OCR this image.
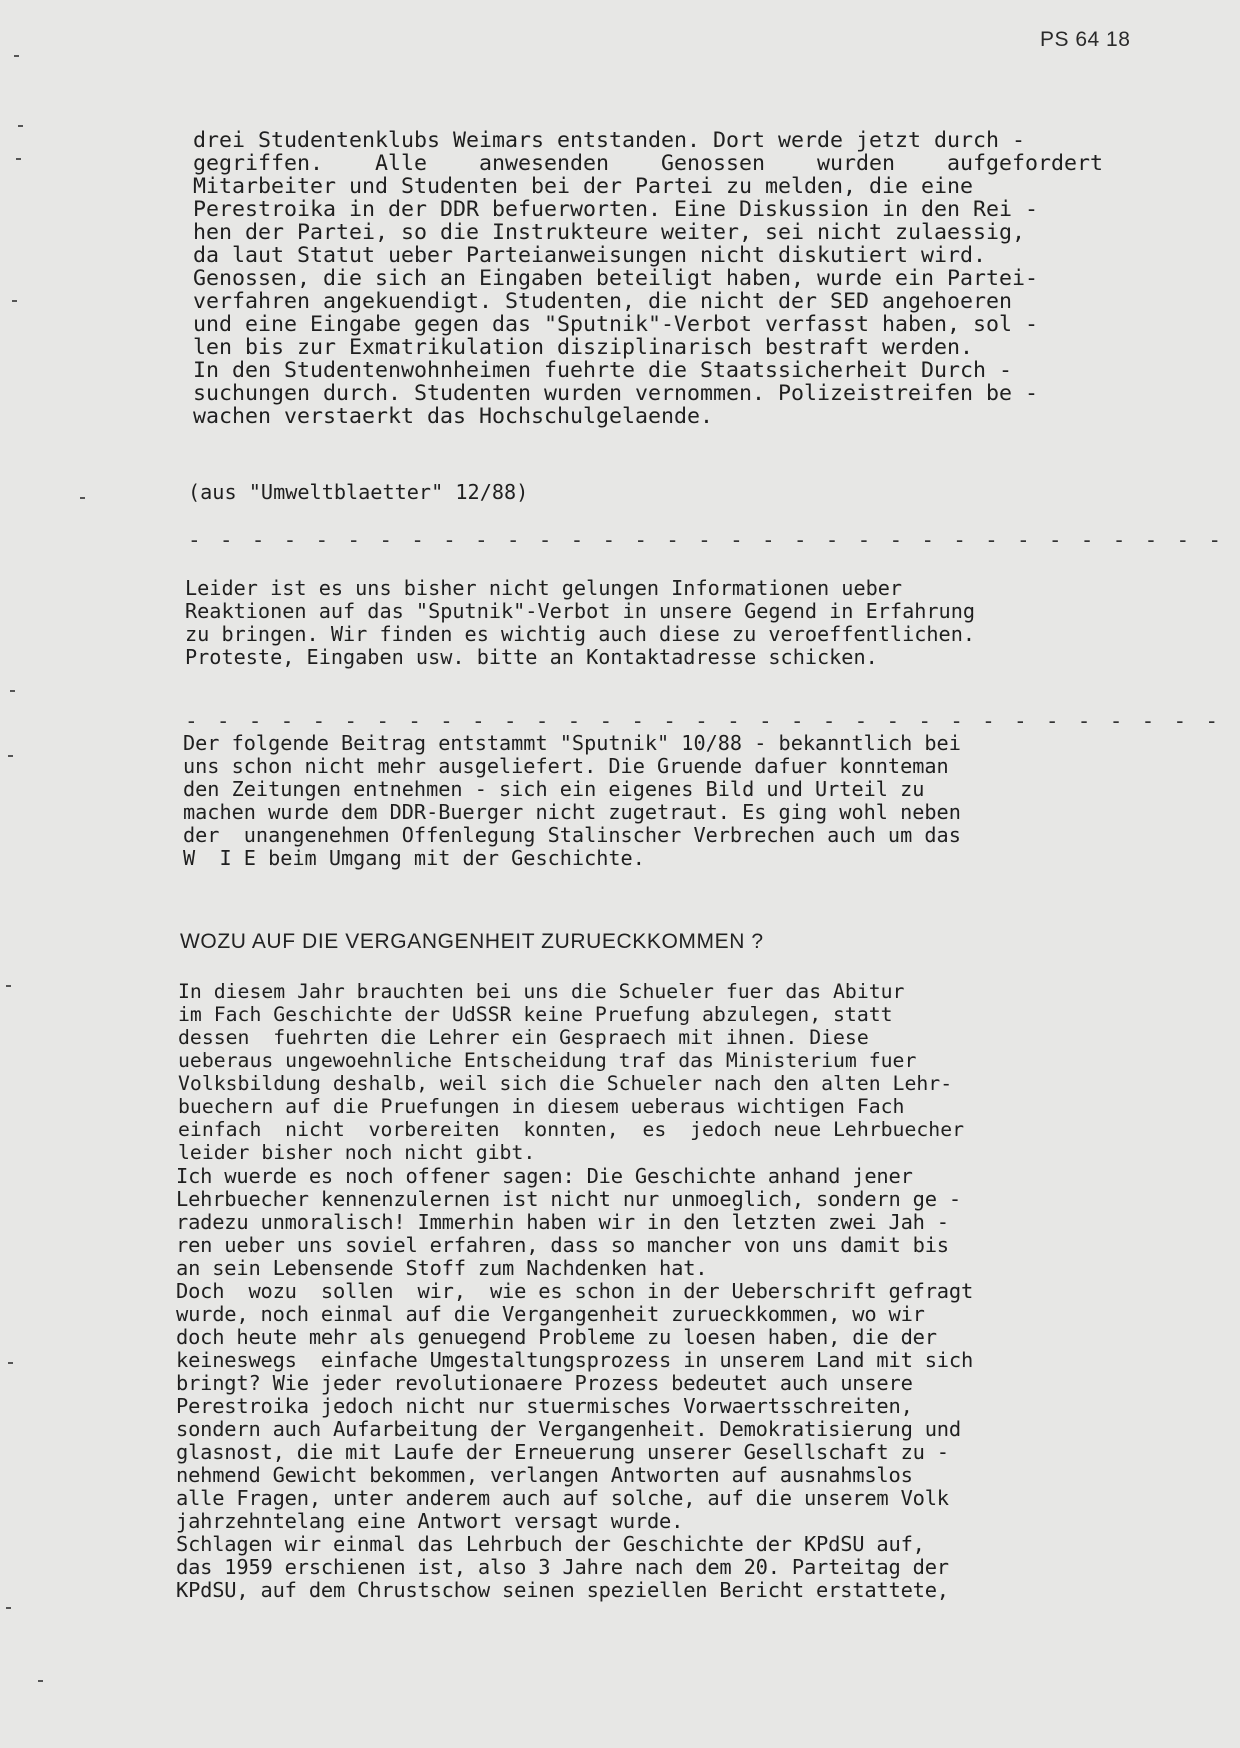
PS 64 18
drei Studentenklubs Weimars entstanden. Dort werde jetzt durch -
gegriffen.    Alle    anwesenden    Genossen    wurden    aufgefordert
Mitarbeiter und Studenten bei der Partei zu melden, die eine
Perestroika in der DDR befuerworten. Eine Diskussion in den Rei -
hen der Partei, so die Instrukteure weiter, sei nicht zulaessig,
da laut Statut ueber Parteianweisungen nicht diskutiert wird.
Genossen, die sich an Eingaben beteiligt haben, wurde ein Partei-
verfahren angekuendigt. Studenten, die nicht der SED angehoeren
und eine Eingabe gegen das "Sputnik"-Verbot verfasst haben, sol -
len bis zur Exmatrikulation disziplinarisch bestraft werden.
In den Studentenwohnheimen fuehrte die Staatssicherheit Durch -
suchungen durch. Studenten wurden vernommen. Polizeistreifen be -
wachen verstaerkt das Hochschulgelaende.
(aus "Umweltblaetter" 12/88)
- - - - - - - - - - - - - - - - - - - - - - - - - - - - - - - - -
Leider ist es uns bisher nicht gelungen Informationen ueber
Reaktionen auf das "Sputnik"-Verbot in unsere Gegend in Erfahrung
zu bringen. Wir finden es wichtig auch diese zu veroeffentlichen.
Proteste, Eingaben usw. bitte an Kontaktadresse schicken.
- - - - - - - - - - - - - - - - - - - - - - - - - - - - - - - - -
Der folgende Beitrag entstammt "Sputnik" 10/88 - bekanntlich bei
uns schon nicht mehr ausgeliefert. Die Gruende dafuer konnteman
den Zeitungen entnehmen - sich ein eigenes Bild und Urteil zu
machen wurde dem DDR-Buerger nicht zugetraut. Es ging wohl neben
der  unangenehmen Offenlegung Stalinscher Verbrechen auch um das
W  I E beim Umgang mit der Geschichte.
WOZU AUF DIE VERGANGENHEIT ZURUECKKOMMEN ?
In diesem Jahr brauchten bei uns die Schueler fuer das Abitur
im Fach Geschichte der UdSSR keine Pruefung abzulegen, statt
dessen  fuehrten die Lehrer ein Gespraech mit ihnen. Diese
ueberaus ungewoehnliche Entscheidung traf das Ministerium fuer
Volksbildung deshalb, weil sich die Schueler nach den alten Lehr-
buechern auf die Pruefungen in diesem ueberaus wichtigen Fach
einfach  nicht  vorbereiten  konnten,  es  jedoch neue Lehrbuecher
leider bisher noch nicht gibt.
Ich wuerde es noch offener sagen: Die Geschichte anhand jener
Lehrbuecher kennenzulernen ist nicht nur unmoeglich, sondern ge -
radezu unmoralisch! Immerhin haben wir in den letzten zwei Jah -
ren ueber uns soviel erfahren, dass so mancher von uns damit bis
an sein Lebensende Stoff zum Nachdenken hat.
Doch  wozu  sollen  wir,  wie es schon in der Ueberschrift gefragt
wurde, noch einmal auf die Vergangenheit zurueckkommen, wo wir
doch heute mehr als genuegend Probleme zu loesen haben, die der
keineswegs  einfache Umgestaltungsprozess in unserem Land mit sich
bringt? Wie jeder revolutionaere Prozess bedeutet auch unsere
Perestroika jedoch nicht nur stuermisches Vorwaertsschreiten,
sondern auch Aufarbeitung der Vergangenheit. Demokratisierung und
glasnost, die mit Laufe der Erneuerung unserer Gesellschaft zu -
nehmend Gewicht bekommen, verlangen Antworten auf ausnahmslos
alle Fragen, unter anderem auch auf solche, auf die unserem Volk
jahrzehntelang eine Antwort versagt wurde.
Schlagen wir einmal das Lehrbuch der Geschichte der KPdSU auf,
das 1959 erschienen ist, also 3 Jahre nach dem 20. Parteitag der
KPdSU, auf dem Chrustschow seinen speziellen Bericht erstattete,
